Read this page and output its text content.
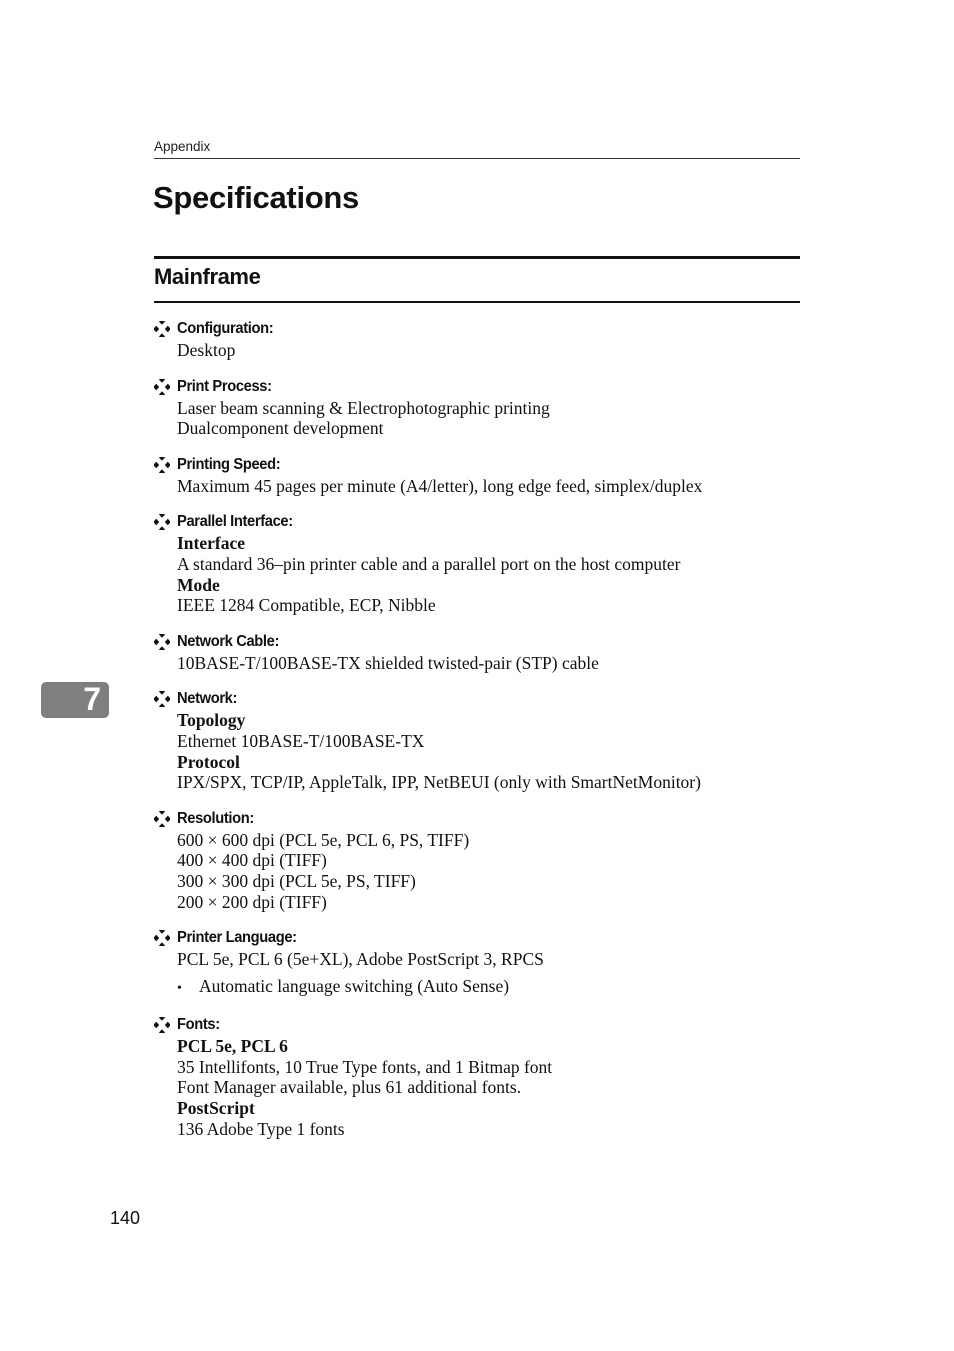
Appendix
Specifications
Mainframe
Configuration:
Desktop
Print Process:
Laser beam scanning & Electrophotographic printing
Dualcomponent development
Printing Speed:
Maximum 45 pages per minute (A4/letter), long edge feed, simplex/duplex
Parallel Interface:
Interface
A standard 36–pin printer cable and a parallel port on the host computer
Mode
IEEE 1284 Compatible, ECP, Nibble
Network Cable:
10BASE-T/100BASE-TX shielded twisted-pair (STP) cable
Network:
Topology
Ethernet 10BASE-T/100BASE-TX
Protocol
IPX/SPX, TCP/IP, AppleTalk, IPP, NetBEUI (only with SmartNetMonitor)
Resolution:
600 × 600 dpi (PCL 5e, PCL 6, PS, TIFF)
400 × 400 dpi (TIFF)
300 × 300 dpi (PCL 5e, PS, TIFF)
200 × 200 dpi (TIFF)
Printer Language:
PCL 5e, PCL 6 (5e+XL), Adobe PostScript 3, RPCS
• Automatic language switching (Auto Sense)
Fonts:
PCL 5e, PCL 6
35 Intellifonts, 10 True Type fonts, and 1 Bitmap font
Font Manager available, plus 61 additional fonts.
PostScript
136 Adobe Type 1 fonts
7
140
